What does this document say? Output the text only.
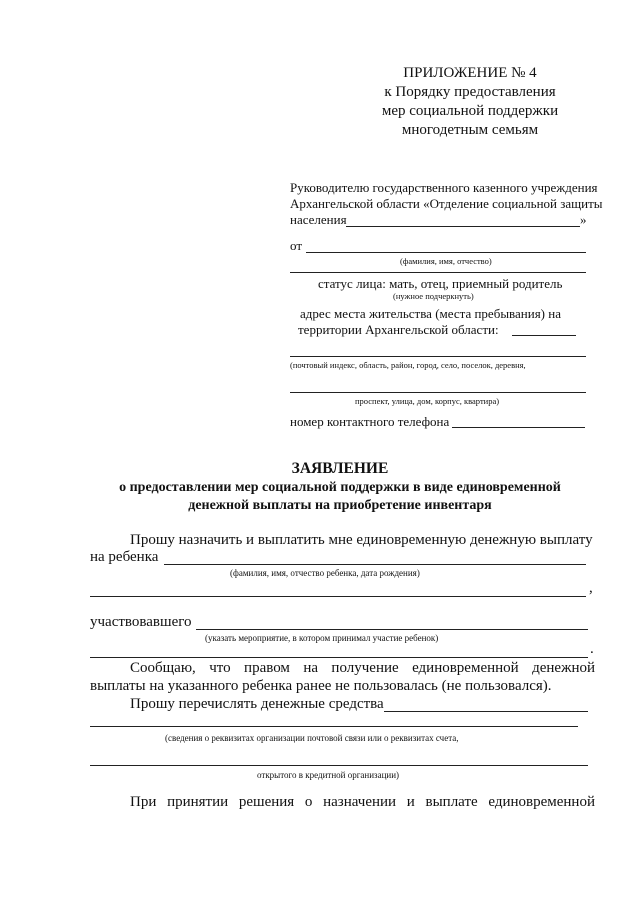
ПРИЛОЖЕНИЕ № 4
к Порядку предоставления
мер социальной поддержки
многодетным семьям
Руководителю государственного казенного учреждения
Архангельской области «Отделение социальной защиты
населения	»
от
(фамилия, имя, отчество)
статус лица: мать, отец, приемный родитель
(нужное подчеркнуть)
адрес места жительства (места пребывания) на
территории Архангельской области:
(почтовый индекс, область, район, город, село, поселок, деревня,
проспект, улица, дом, корпус, квартира)
номер контактного телефона
ЗАЯВЛЕНИЕ
о предоставлении мер социальной поддержки в виде единовременной
денежной выплаты на приобретение инвентаря
Прошу назначить и выплатить мне единовременную денежную выплату
на ребенка
(фамилия, имя, отчество ребенка, дата рождения)
,
участвовавшего
(указать мероприятие, в котором принимал участие ребенок)
.
Сообщаю, что правом на получение единовременной денежной
выплаты на указанного ребенка ранее не пользовалась (не пользовался).
Прошу перечислять денежные средства
(сведения о реквизитах организации почтовой связи или о реквизитах счета,
открытого в кредитной организации)
При принятии решения о назначении и выплате единовременной
